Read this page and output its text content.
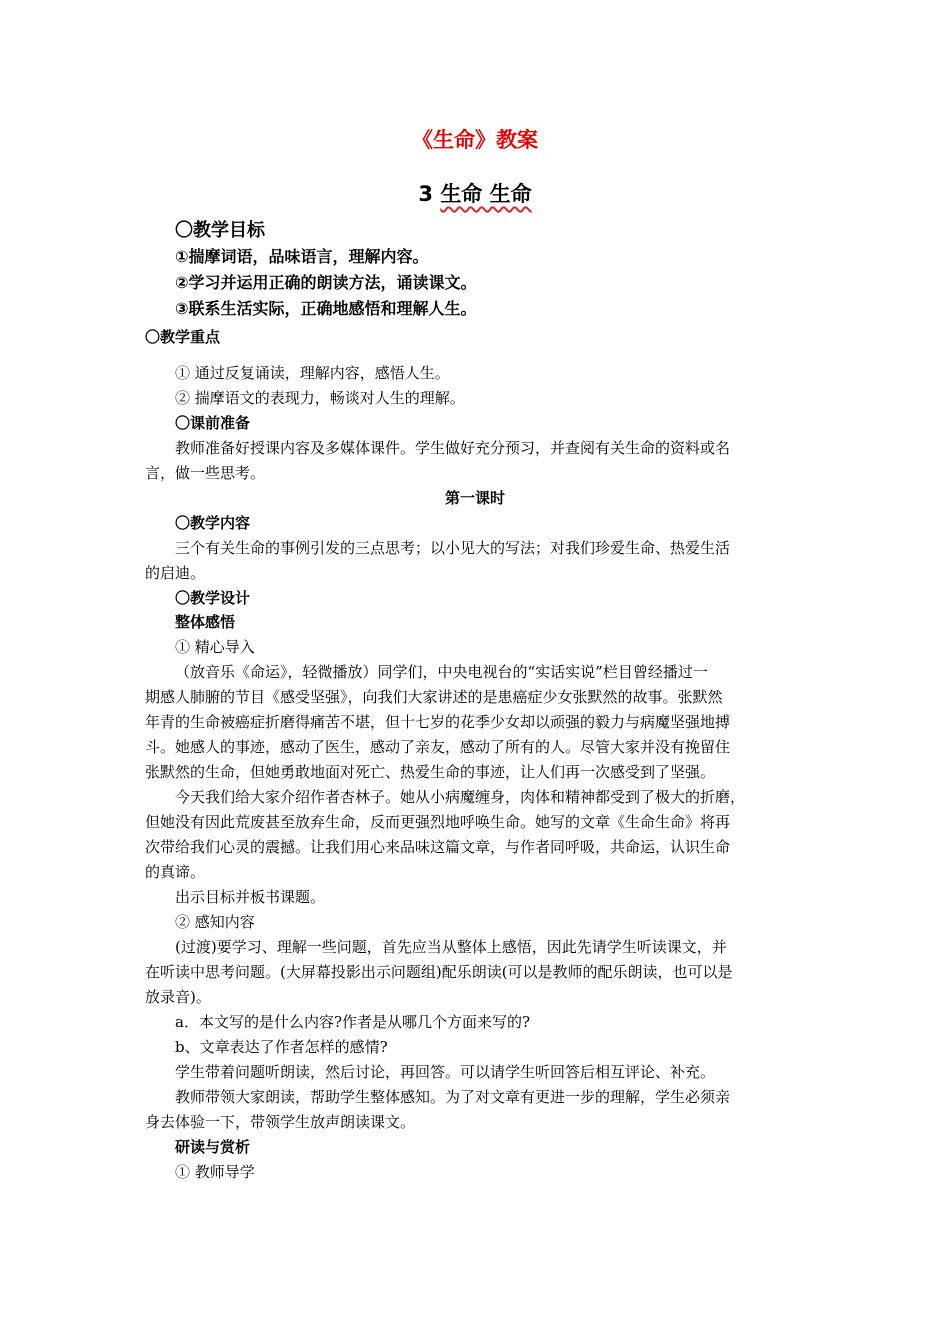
《生命》教案
3 生命 生命
〇教学目标
①揣摩词语，品味语言，理解内容。
②学习并运用正确的朗读方法，诵读课文。
③联系生活实际，正确地感悟和理解人生。
〇教学重点
① 通过反复诵读，理解内容，感悟人生。
② 揣摩语文的表现力，畅谈对人生的理解。
〇课前准备
教师准备好授课内容及多媒体课件。学生做好充分预习，并查阅有关生命的资料或名
言，做一些思考。
第一课时
〇教学内容
三个有关生命的事例引发的三点思考；以小见大的写法；对我们珍爱生命、热爱生活
的启迪。
〇教学设计
整体感悟
① 精心导入
（放音乐《命运》，轻微播放）同学们，中央电视台的“实话实说”栏目曾经播过一
期感人肺腑的节目《感受坚强》，向我们大家讲述的是患癌症少女张默然的故事。张默然
年青的生命被癌症折磨得痛苦不堪，但十七岁的花季少女却以顽强的毅力与病魔坚强地搏
斗。她感人的事迹，感动了医生，感动了亲友，感动了所有的人。尽管大家并没有挽留住
张默然的生命，但她勇敢地面对死亡、热爱生命的事迹，让人们再一次感受到了坚强。
今天我们给大家介绍作者杏林子。她从小病魔缠身，肉体和精神都受到了极大的折磨，
但她没有因此荒废甚至放弃生命，反而更强烈地呼唤生命。她写的文章《生命生命》将再
次带给我们心灵的震撼。让我们用心来品味这篇文章，与作者同呼吸，共命运，认识生命
的真谛。
出示目标并板书课题。
② 感知内容
(过渡)要学习、理解一些问题，首先应当从整体上感悟，因此先请学生听读课文，并
在听读中思考问题。(大屏幕投影出示问题组)配乐朗读(可以是教师的配乐朗读，也可以是
放录音)。
a．本文写的是什么内容?作者是从哪几个方面来写的?
b、文章表达了作者怎样的感情?
学生带着问题听朗读，然后讨论，再回答。可以请学生听回答后相互评论、补充。
教师带领大家朗读，帮助学生整体感知。为了对文章有更进一步的理解，学生必须亲
身去体验一下，带领学生放声朗读课文。
研读与赏析
① 教师导学
